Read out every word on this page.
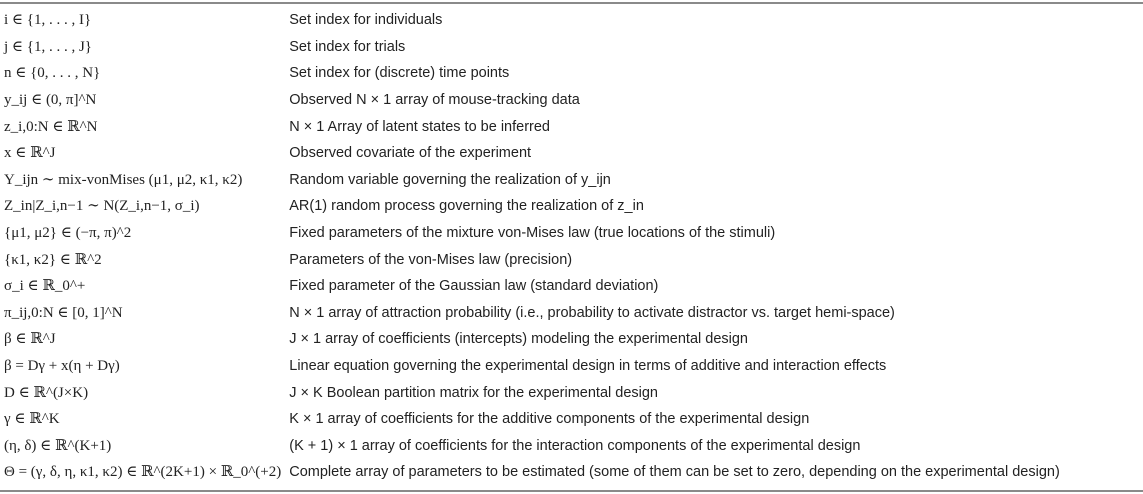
i ∈ {1, . . . , I}	Set index for individuals
j ∈ {1, . . . , J}	Set index for trials
n ∈ {0, . . . , N}	Set index for (discrete) time points
y_ij ∈ (0, π]^N	Observed N × 1 array of mouse-tracking data
z_i,0:N ∈ ℝ^N	N × 1 Array of latent states to be inferred
x ∈ ℝ^J	Observed covariate of the experiment
Y_ijn ∼ mix-vonMises (μ1, μ2, κ1, κ2)	Random variable governing the realization of y_ijn
Z_in|Z_i,n−1 ∼ N(Z_i,n−1, σ_i)	AR(1) random process governing the realization of z_in
{μ1, μ2} ∈ (−π, π)^2	Fixed parameters of the mixture von-Mises law (true locations of the stimuli)
{κ1, κ2} ∈ ℝ^2	Parameters of the von-Mises law (precision)
σ_i ∈ ℝ_0^+	Fixed parameter of the Gaussian law (standard deviation)
π_ij,0:N ∈ [0, 1]^N	N × 1 array of attraction probability (i.e., probability to activate distractor vs. target hemi-space)
β ∈ ℝ^J	J × 1 array of coefficients (intercepts) modeling the experimental design
β = Dγ + x(η + Dγ)	Linear equation governing the experimental design in terms of additive and interaction effects
D ∈ ℝ^(J×K)	J × K Boolean partition matrix for the experimental design
γ ∈ ℝ^K	K × 1 array of coefficients for the additive components of the experimental design
(η, δ) ∈ ℝ^(K+1)	(K + 1) × 1 array of coefficients for the interaction components of the experimental design
Θ = (γ, δ, η, κ1, κ2) ∈ ℝ^(2K+1) × ℝ_0^(+2)	Complete array of parameters to be estimated (some of them can be set to zero, depending on the experimental design)
